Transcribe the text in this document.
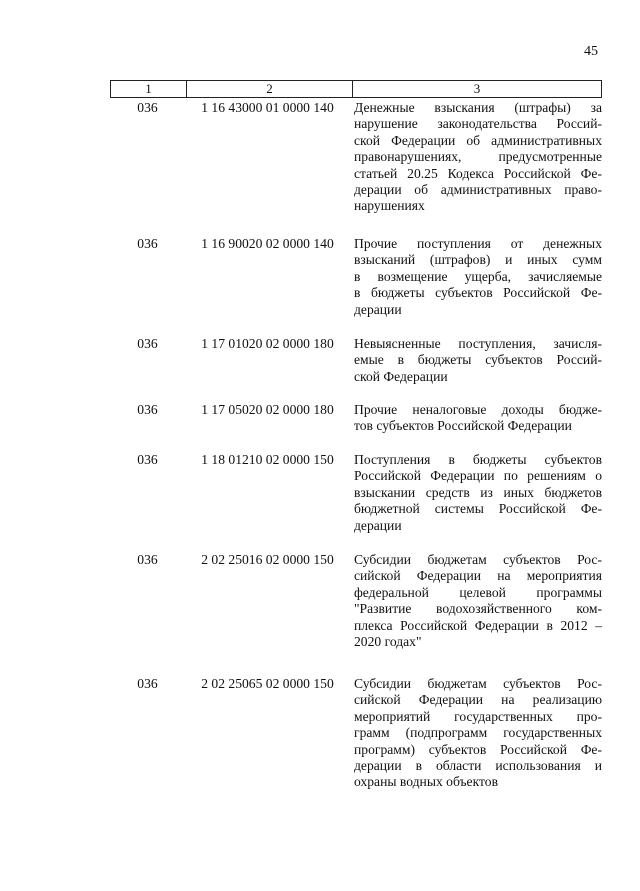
45
1	2	3
036	1 16 43000 01 0000 140	Денежные взыскания (штрафы) за
нарушение законодательства Россий-
ской Федерации об административных
правонарушениях, предусмотренные
статьей 20.25 Кодекса Российской Фе-
дерации об административных право-
нарушениях
036	1 16 90020 02 0000 140	Прочие поступления от денежных
взысканий (штрафов) и иных сумм
в возмещение ущерба, зачисляемые
в бюджеты субъектов Российской Фе-
дерации
036	1 17 01020 02 0000 180	Невыясненные поступления, зачисля-
емые в бюджеты субъектов Россий-
ской Федерации
036	1 17 05020 02 0000 180	Прочие неналоговые доходы бюдже-
тов субъектов Российской Федерации
036	1 18 01210 02 0000 150	Поступления в бюджеты субъектов
Российской Федерации по решениям о
взыскании средств из иных бюджетов
бюджетной системы Российской Фе-
дерации
036	2 02 25016 02 0000 150	Субсидии бюджетам субъектов Рос-
сийской Федерации на мероприятия
федеральной целевой программы
"Развитие водохозяйственного ком-
плекса Российской Федерации в 2012 –
2020 годах"
036	2 02 25065 02 0000 150	Субсидии бюджетам субъектов Рос-
сийской Федерации на реализацию
мероприятий государственных про-
грамм (подпрограмм государственных
программ) субъектов Российской Фе-
дерации в области использования и
охраны водных объектов
